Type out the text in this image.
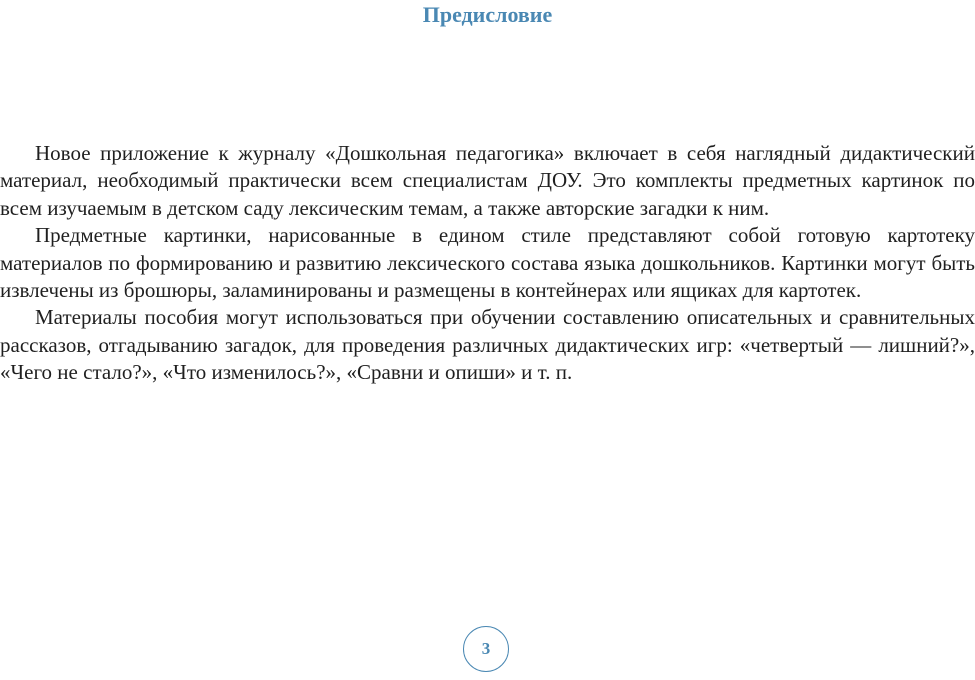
Предисловие

Новое приложение к журналу «Дошкольная педагогика» включает в себя наглядный дидактический материал, необходимый практически всем специалистам ДОУ. Это комплекты предметных картинок по всем изучаемым в детском саду лексическим темам, а также авторские загадки к ним.

Предметные картинки, нарисованные в едином стиле представляют собой готовую картотеку материалов по формированию и развитию лексического состава языка дошкольников. Картинки могут быть извлечены из брошюры, заламинированы и размещены в контейнерах или ящиках для картотек.

Материалы пособия могут использоваться при обучении составлению описательных и сравнительных рассказов, отгадыванию загадок, для проведения различных дидактических игр: «четвертый — лишний?», «Чего не стало?», «Что изменилось?», «Сравни и опиши» и т. п.

3
